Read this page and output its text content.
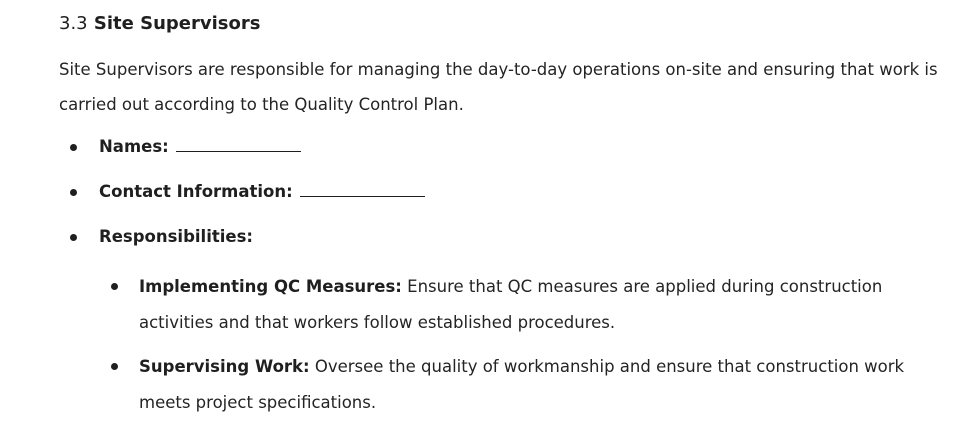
3.3 Site Supervisors

Site Supervisors are responsible for managing the day-to-day operations on-site and ensuring that work is carried out according to the Quality Control Plan.

Names:
Contact Information:
Responsibilities:
Implementing QC Measures: Ensure that QC measures are applied during construction activities and that workers follow established procedures.
Supervising Work: Oversee the quality of workmanship and ensure that construction work meets project specifications.
